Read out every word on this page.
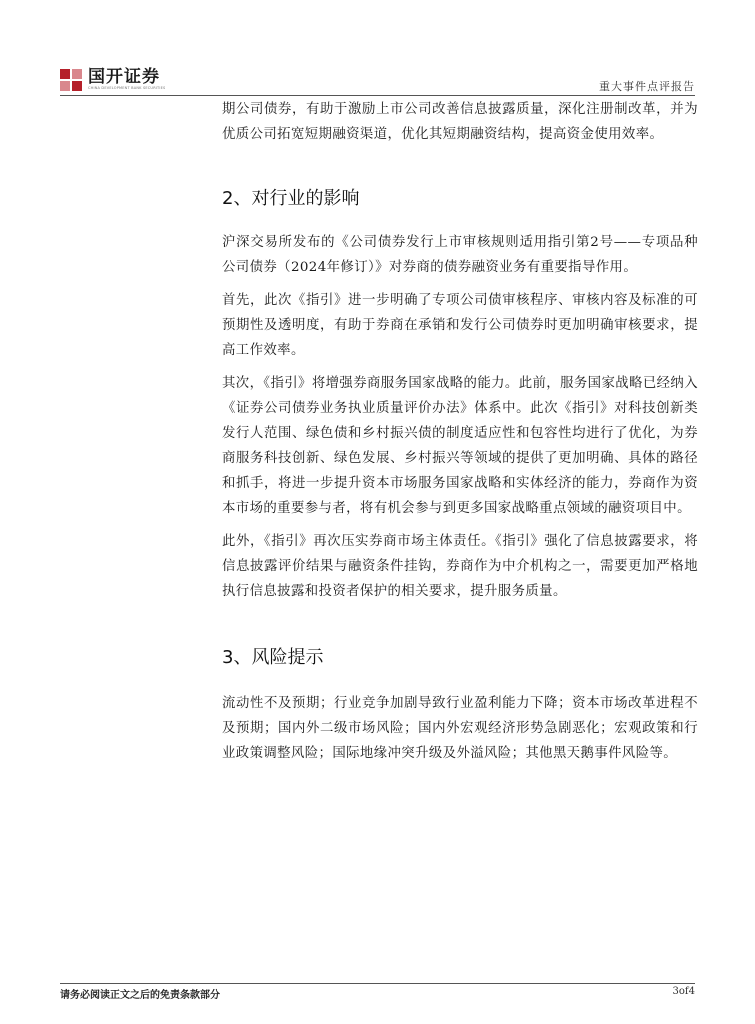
国开证券
CHINA DEVELOPMENT BANK SECURITIES	重大事件点评报告

期公司债券，有助于激励上市公司改善信息披露质量，深化注册制改革，并为优质公司拓宽短期融资渠道，优化其短期融资结构，提高资金使用效率。

2、对行业的影响

沪深交易所发布的《公司债券发行上市审核规则适用指引第2号——专项品种公司债券（2024年修订）》对券商的债券融资业务有重要指导作用。

首先，此次《指引》进一步明确了专项公司债审核程序、审核内容及标准的可预期性及透明度，有助于券商在承销和发行公司债券时更加明确审核要求，提高工作效率。

其次，《指引》将增强券商服务国家战略的能力。此前，服务国家战略已经纳入《证券公司债券业务执业质量评价办法》体系中。此次《指引》对科技创新类发行人范围、绿色债和乡村振兴债的制度适应性和包容性均进行了优化，为券商服务科技创新、绿色发展、乡村振兴等领域的提供了更加明确、具体的路径和抓手，将进一步提升资本市场服务国家战略和实体经济的能力，券商作为资本市场的重要参与者，将有机会参与到更多国家战略重点领域的融资项目中。

此外，《指引》再次压实券商市场主体责任。《指引》强化了信息披露要求，将信息披露评价结果与融资条件挂钩，券商作为中介机构之一，需要更加严格地执行信息披露和投资者保护的相关要求，提升服务质量。

3、风险提示

流动性不及预期；行业竞争加剧导致行业盈利能力下降；资本市场改革进程不及预期；国内外二级市场风险；国内外宏观经济形势急剧恶化；宏观政策和行业政策调整风险；国际地缘冲突升级及外溢风险；其他黑天鹅事件风险等。

请务必阅读正文之后的免责条款部分	3of4
